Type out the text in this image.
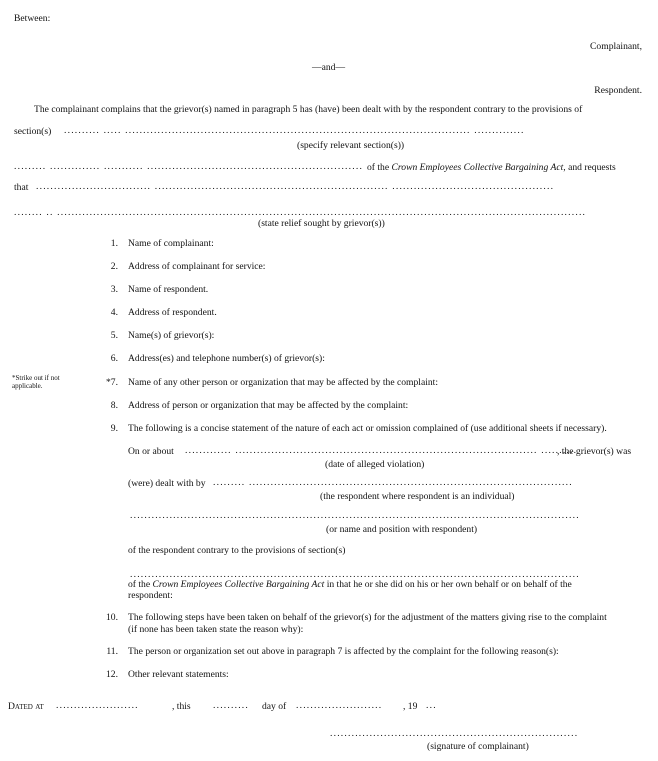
Between:
Complainant,
—and—
Respondent.
The complainant complains that the grievor(s) named in paragraph 5 has (have) been dealt with by the respondent contrary to the provisions of
section(s) .......... ..... ................................................................................................ ..............
(specify relevant section(s))
......... .............. ........... ............................................................ of the Crown Employees Collective Bargaining Act, and requests
that ................................ ................................................................. .............................................
........ .. ...................................................................................................................................................
(state relief sought by grievor(s))
1. Name of complainant:
2. Address of complainant for service:
3. Name of respondent.
4. Address of respondent.
5. Name(s) of grievor(s):
6. Address(es) and telephone number(s) of grievor(s):
*Strike out if not
applicable.	*7. Name of any other person or organization that may be affected by the complaint:
8. Address of person or organization that may be affected by the complaint:
9. The following is a concise statement of the nature of each act or omission complained of (use additional sheets if necessary).
On or about ............. .................................................................................... ..........
, the grievor(s) was
(date of alleged violation)
(were) dealt with by ......... ..........................................................................................
(the respondent where respondent is an individual)
.............................................................................................................................
(or name and position with respondent)
of the respondent contrary to the provisions of section(s)
.............................................................................................................................
of the Crown Employees Collective Bargaining Act in that he or she did on his or her own behalf or on behalf of the
respondent:
10. The following steps have been taken on behalf of the grievor(s) for the adjustment of the matters giving rise to the complaint
(if none has been taken state the reason why):
11. The person or organization set out above in paragraph 7 is affected by the complaint for the following reason(s):
12. Other relevant statements:
Dated at .......................	, this .......... day of ........................ , 19 ...
.....................................................................
(signature of complainant)
